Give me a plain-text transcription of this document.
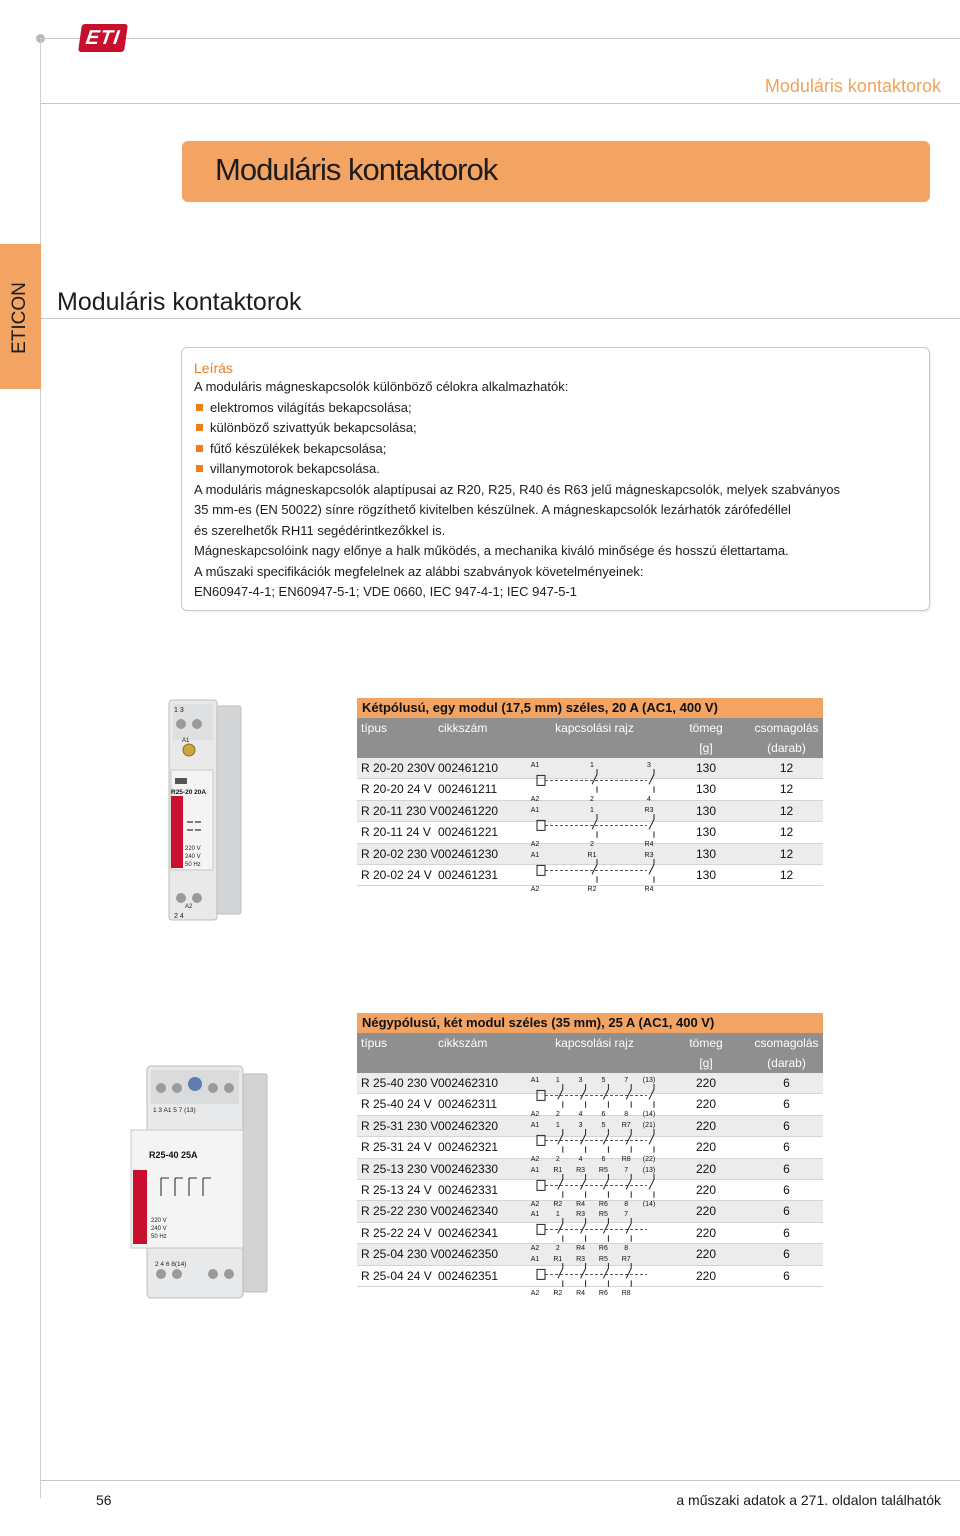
ETI
Moduláris kontaktorok
Moduláris kontaktorok
ETICON Moduláris kontaktorok
Leírás
A moduláris mágneskapcsolók különböző célokra alkalmazhatók:
elektromos világítás bekapcsolása;
különböző szivattyúk bekapcsolása;
fűtő készülékek bekapcsolása;
villanymotorok bekapcsolása.
A moduláris mágneskapcsolók alaptípusai az R20, R25, R40 és R63 jelű mágneskapcsolók, melyek szabványos
35 mm-es (EN 50022) sínre rögzíthető kivitelben készülnek. A mágneskapcsolók lezárhatók zárófedéllel
és szerelhetők RH11 segédérintkezőkkel is.
Mágneskapcsolóink nagy előnye a halk működés, a mechanika kiváló minősége és hosszú élettartama.
A műszaki specifikációk megfelelnek az alábbi szabványok követelményeinek:
EN60947-4-1; EN60947-5-1; VDE 0660, IEC 947-4-1; IEC 947-5-1
1 3
A1
R25-20 20A
220 V
240 V
50 Hz
A2
2 4
1 3 A1 5 7 (13)
R25-40 25A
220 V
240 V
50 Hz
2 4 6 8(14)
Kétpólusú, egy modul (17,5 mm) széles, 20 A (AC1, 400 V)
típus	cikkszám	kapcsolási rajz	tömeg	csomagolás
[g]	(darab)
R 20-20 230V 002461210	130	12
R 20-20 24 V 002461211	130	12
R 20-11 230 V 002461220	130	12
R 20-11 24 V 002461221	130	12
R 20-02 230 V 002461230	130	12
R 20-02 24 V 002461231	130	12
A1
A2
1
2
3
4
A1
A2
1
2
R3
R4
A1
A2
R1
R2
R3
R4
Négypólusú, két modul széles (35 mm), 25 A (AC1, 400 V)
típus	cikkszám	kapcsolási rajz	tömeg	csomagolás
[g]	(darab)
R 25-40 230 V 002462310	220	6
R 25-40 24 V 002462311	220	6
R 25-31 230 V 002462320	220	6
R 25-31 24 V 002462321	220	6
R 25-13 230 V 002462330	220	6
R 25-13 24 V 002462331	220	6
R 25-22 230 V 002462340	220	6
R 25-22 24 V 002462341	220	6
R 25-04 230 V 002462350	220	6
R 25-04 24 V 002462351	220	6
A1
A2
1
2
3
4
5
6
7
8
(13)
(14)
A1
A2
1
2
3
4
5
6
R7
R8
(21)
(22)
A1
A2
R1
R2
R3
R4
R5
R6
7
8
(13)
(14)
A1
A2
1
2
R3
R4
R5
R6
7
8
A1
A2
R1
R2
R3
R4
R5
R6
R7
R8
56	a műszaki adatok a 271. oldalon találhatók
